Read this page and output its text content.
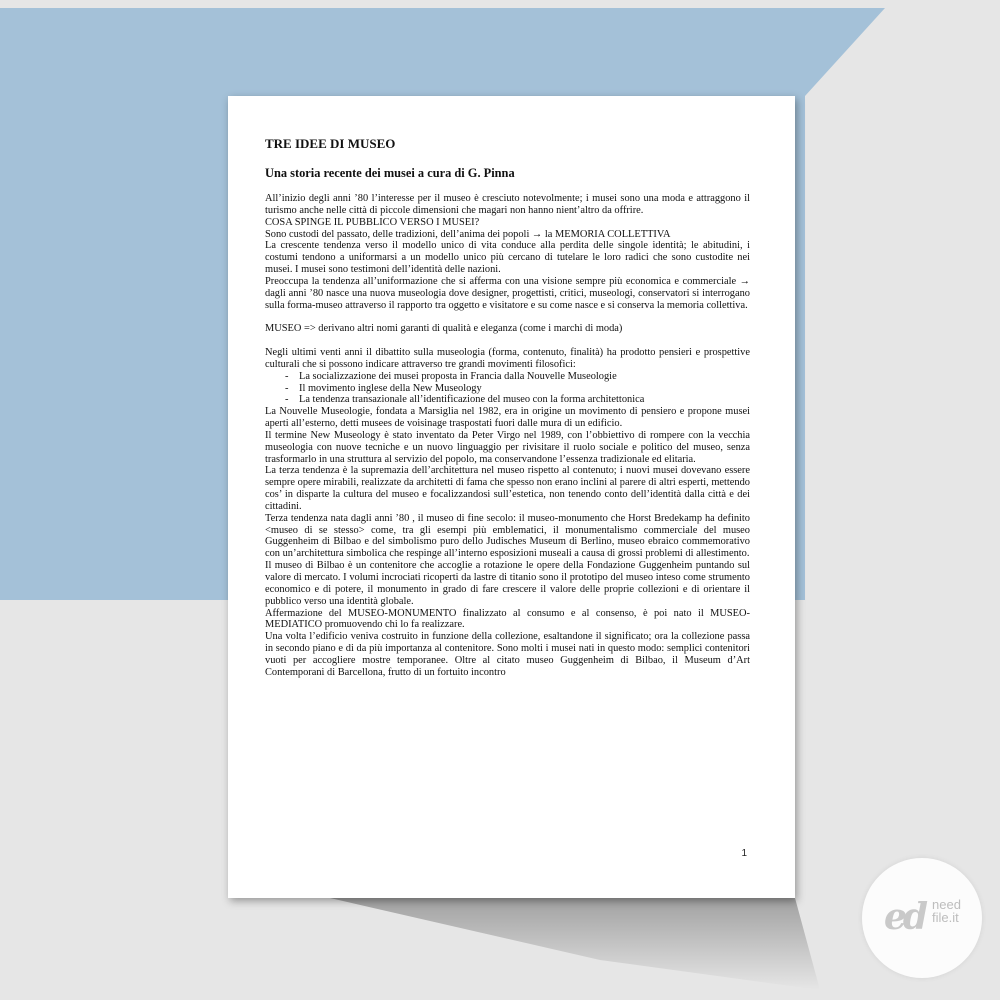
TRE IDEE DI MUSEO
Una storia recente dei musei a cura di G. Pinna

All’inizio degli anni ’80 l’interesse per il museo è cresciuto notevolmente; i musei sono una moda e attraggono il turismo anche nelle città di piccole dimensioni che magari non hanno nient’altro da offrire.

COSA SPINGE IL PUBBLICO VERSO I MUSEI?

Sono custodi del passato, delle tradizioni, dell’anima dei popoli → la MEMORIA COLLETTIVA

La crescente tendenza verso il modello unico di vita conduce alla perdita delle singole identità; le abitudini, i costumi tendono a uniformarsi a un modello unico più cercano di tutelare le loro radici che sono custodite nei musei. I musei sono testimoni dell’identità delle nazioni.

Preoccupa la tendenza all’uniformazione che si afferma con una visione sempre più economica e commerciale → dagli anni ’80 nasce una nuova museologia dove designer, progettisti, critici, museologi, conservatori si interrogano sulla forma-museo attraverso il rapporto tra oggetto e visitatore e su come nasce e si conserva la memoria collettiva.

MUSEO => derivano altri nomi garanti di qualità e eleganza (come i marchi di moda)

Negli ultimi venti anni il dibattito sulla museologia (forma, contenuto, finalità) ha prodotto pensieri e prospettive culturali che si possono indicare attraverso tre grandi movimenti filosofici:

- La socializzazione dei musei proposta in Francia dalla Nouvelle Museologie
- Il movimento inglese della New Museology
- La tendenza transazionale all’identificazione del museo con la forma architettonica

La Nouvelle Museologie, fondata a Marsiglia nel 1982, era in origine un movimento di pensiero e propone musei aperti all’esterno, detti musees de voisinage traspostati fuori dalle mura di un edificio.

Il termine New Museology è stato inventato da Peter Virgo nel 1989, con l’obbiettivo di rompere con la vecchia museologia con nuove tecniche e un nuovo linguaggio per rivisitare il ruolo sociale e politico del museo, senza trasformarlo in una struttura al servizio del popolo, ma conservandone l’essenza tradizionale ed elitaria.

La terza tendenza è la supremazia dell’architettura nel museo rispetto al contenuto; i nuovi musei dovevano essere sempre opere mirabili, realizzate da architetti di fama che spesso non erano inclini al parere di altri esperti, mettendo cos’ in disparte la cultura del museo e focalizzandosi sull’estetica, non tenendo conto dell’identità dalla città e dei cittadini.

Terza tendenza nata dagli anni ’80 , il museo di fine secolo: il museo-monumento che Horst Bredekamp ha definito <museo di se stesso> come, tra gli esempi più emblematici, il monumentalismo commerciale del museo Guggenheim di Bilbao e del simbolismo puro dello Judisches Museum di Berlino, museo ebraico commemorativo con un’architettura simbolica che respinge all’interno esposizioni museali a causa di grossi problemi di allestimento.

Il museo di Bilbao è un contenitore che accoglie a rotazione le opere della Fondazione Guggenheim puntando sul valore di mercato. I volumi incrociati ricoperti da lastre di titanio sono il prototipo del museo inteso come strumento economico e di potere, il monumento in grado di fare crescere il valore delle proprie collezioni e di orientare il pubblico verso una identità globale.

Affermazione del MUSEO-MONUMENTO finalizzato al consumo e al consenso, è poi nato il MUSEO-MEDIATICO promuovendo chi lo fa realizzare.

Una volta l’edificio veniva costruito in funzione della collezione, esaltandone il significato; ora la collezione passa in secondo piano e di da più importanza al contenitore. Sono molti i musei nati in questo modo: semplici contenitori vuoti per accogliere mostre temporanee. Oltre al citato museo Guggenheim di Bilbao, il Museum d’Art Contemporani di Barcellona, frutto di un fortuito incontro

1
ed need
file.it
